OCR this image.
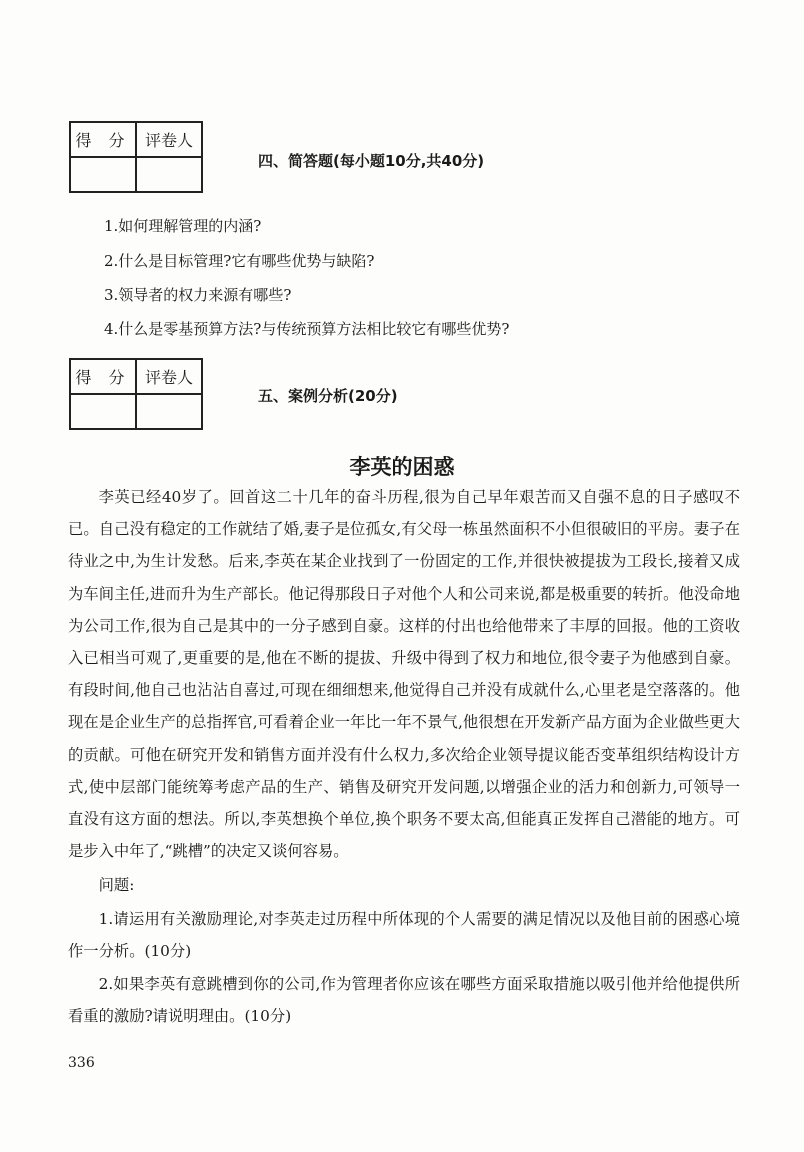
得 分	评卷人

四、简答题(每小题10分,共40分)
1.如何理解管理的内涵?
2.什么是目标管理?它有哪些优势与缺陷?
3.领导者的权力来源有哪些?
4.什么是零基预算方法?与传统预算方法相比较它有哪些优势?
得 分	评卷人

五、案例分析(20分)
李英的困惑

李英已经40岁了。回首这二十几年的奋斗历程,很为自己早年艰苦而又自强不息的日子感叹不已。自己没有稳定的工作就结了婚,妻子是位孤女,有父母一栋虽然面积不小但很破旧的平房。妻子在待业之中,为生计发愁。后来,李英在某企业找到了一份固定的工作,并很快被提拔为工段长,接着又成为车间主任,进而升为生产部长。他记得那段日子对他个人和公司来说,都是极重要的转折。他没命地为公司工作,很为自己是其中的一分子感到自豪。这样的付出也给他带来了丰厚的回报。他的工资收入已相当可观了,更重要的是,他在不断的提拔、升级中得到了权力和地位,很令妻子为他感到自豪。有段时间,他自己也沾沾自喜过,可现在细细想来,他觉得自己并没有成就什么,心里老是空落落的。他现在是企业生产的总指挥官,可看着企业一年比一年不景气,他很想在开发新产品方面为企业做些更大的贡献。可他在研究开发和销售方面并没有什么权力,多次给企业领导提议能否变革组织结构设计方式,使中层部门能统筹考虑产品的生产、销售及研究开发问题,以增强企业的活力和创新力,可领导一直没有这方面的想法。所以,李英想换个单位,换个职务不要太高,但能真正发挥自己潜能的地方。可是步入中年了,“跳槽”的决定又谈何容易。

问题:

1.请运用有关激励理论,对李英走过历程中所体现的个人需要的满足情况以及他目前的困惑心境作一分析。(10分)

2.如果李英有意跳槽到你的公司,作为管理者你应该在哪些方面采取措施以吸引他并给他提供所看重的激励?请说明理由。(10分)

336
